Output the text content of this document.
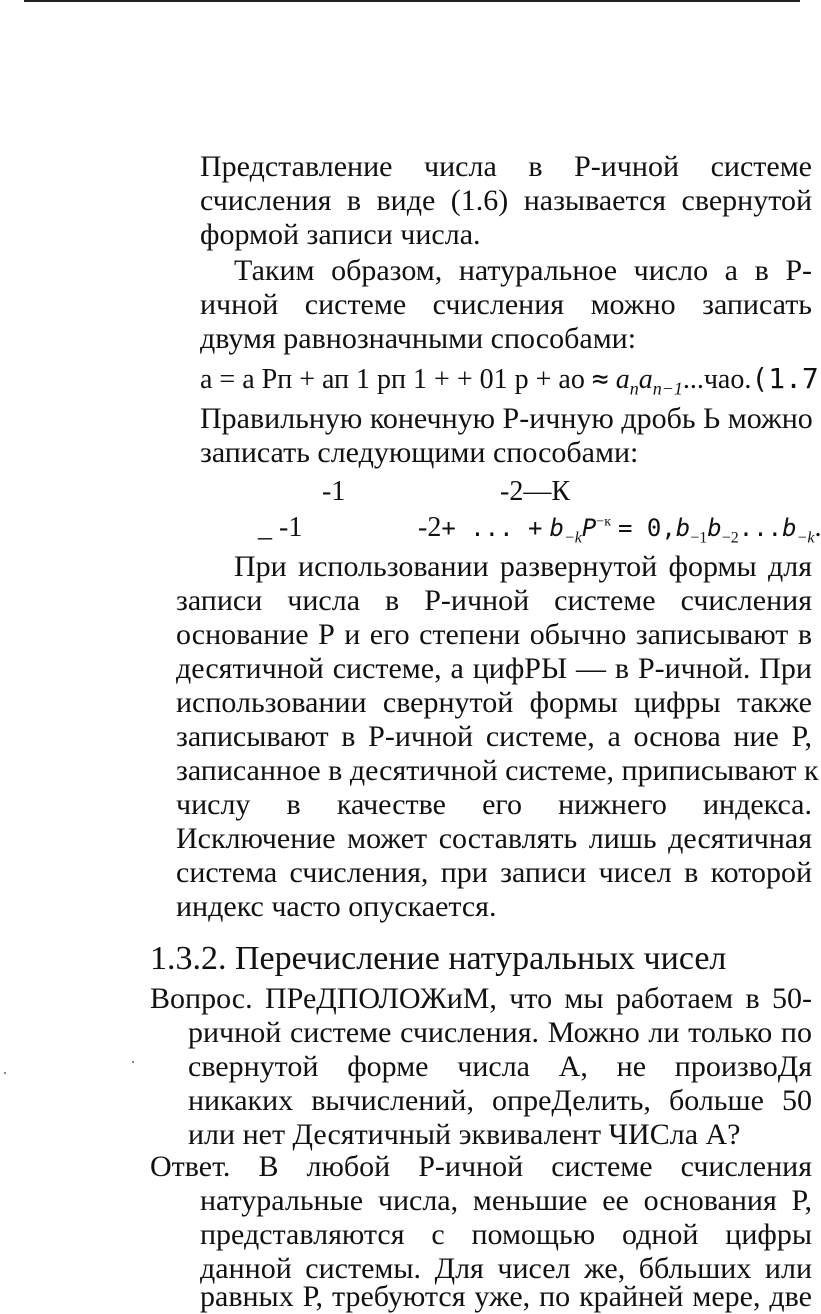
Представление числа в Р-ичной системе
счисления в виде (1.6) называется свернутой
формой записи числа.
Таким образом, натуральное число а в Р-
ичной системе счисления можно записать
двумя равнозначными способами:
а = а Рп + ап 1 рп 1 + + 01 р + ао ≈ $a_na_{n-1}...чао.(1.7$
Правильную конечную Р-ичную дробь Ь можно
записать следующими способами:
-1	-2—К
_ -1	-2+ ... + $b_{-k}P^{-к} = 0,b_{-1}b_{-2}...b_{-k}$.
При использовании развернутой формы для
записи числа в Р-ичной системе счисления
основание Р и его степени обычно записывают в
десятичной системе, а цифРЫ — в Р-ичной. При
использовании свернутой формы цифры также
записывают в Р-ичной системе, а основа ние Р,
записанное в десятичной системе, приписывают к
числу в качестве его нижнего индекса.
Исключение может составлять лишь десятичная
система счисления, при записи чисел в которой
индекс часто опускается.
1.3.2. Перечисление натуральных чисел
Вопрос. ПРеДПОЛОЖиМ, что мы работаем в 50-
ричной системе счисления. Можно ли только по
свернутой форме числа А, не произвоДя
никаких вычислений, опреДелить, больше 50
или нет Десятичный эквивалент ЧИСла А?
Ответ. В любой Р-ичной системе счисления
натуральные числа, меньшие ее основания Р,
представляются с помощью одной цифры
данной системы. Для чисел же, ббльших или
равных Р, требуются уже, по крайней мере, две
